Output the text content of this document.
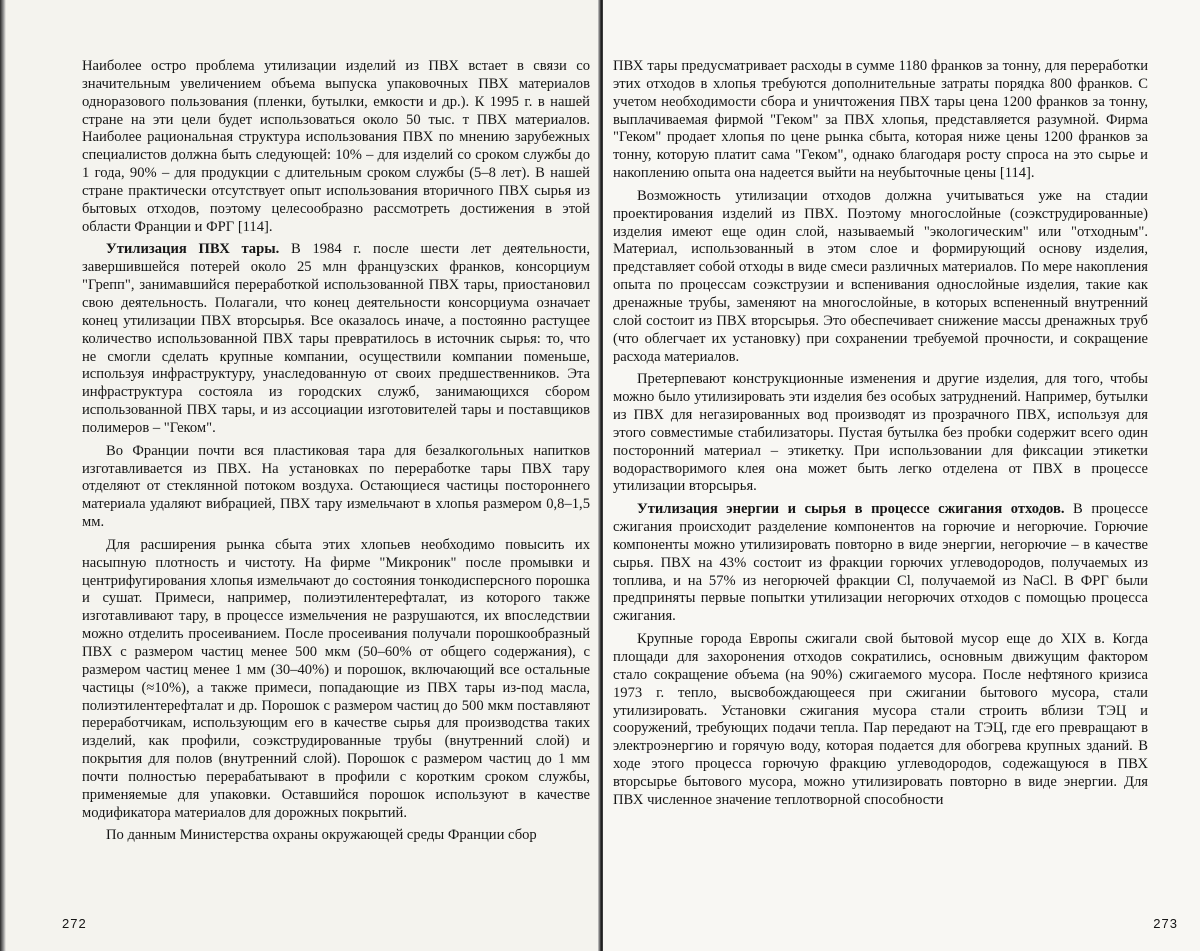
Наиболее остро проблема утилизации изделий из ПВХ встает в связи со значительным увеличением объема выпуска упаковочных ПВХ материалов одноразового пользования (пленки, бутылки, емкости и др.). К 1995 г. в нашей стране на эти цели будет использоваться около 50 тыс. т ПВХ материалов. Наиболее рациональная структура использования ПВХ по мнению зарубежных специалистов должна быть следующей: 10% – для изделий со сроком службы до 1 года, 90% – для продукции с длительным сроком службы (5–8 лет). В нашей стране практически отсутствует опыт использования вторичного ПВХ сырья из бытовых отходов, поэтому целесообразно рассмотреть достижения в этой области Франции и ФРГ [114].

Утилизация ПВХ тары. В 1984 г. после шести лет деятельности, завершившейся потерей около 25 млн французских франков, консорциум "Грепп", занимавшийся переработкой использованной ПВХ тары, приостановил свою деятельность. Полагали, что конец деятельности консорциума означает конец утилизации ПВХ вторсырья. Все оказалось иначе, а постоянно растущее количество использованной ПВХ тары превратилось в источник сырья: то, что не смогли сделать крупные компании, осуществили компании поменьше, используя инфраструктуру, унаследованную от своих предшественников. Эта инфраструктура состояла из городских служб, занимающихся сбором использованной ПВХ тары, и из ассоциации изготовителей тары и поставщиков полимеров – "Геком".

Во Франции почти вся пластиковая тара для безалкогольных напитков изготавливается из ПВХ. На установках по переработке тары ПВХ тару отделяют от стеклянной потоком воздуха. Остающиеся частицы постороннего материала удаляют вибрацией, ПВХ тару измельчают в хлопья размером 0,8–1,5 мм.

Для расширения рынка сбыта этих хлопьев необходимо повысить их насыпную плотность и чистоту. На фирме "Микроник" после промывки и центрифугирования хлопья измельчают до состояния тонкодисперсного порошка и сушат. Примеси, например, полиэтилентерефталат, из которого также изготавливают тару, в процессе измельчения не разрушаются, их впоследствии можно отделить просеиванием. После просеивания получали порошкообразный ПВХ с размером частиц менее 500 мкм (50–60% от общего содержания), с размером частиц менее 1 мм (30–40%) и порошок, включающий все остальные частицы (≈10%), а также примеси, попадающие из ПВХ тары из-под масла, полиэтилентерефталат и др. Порошок с размером частиц до 500 мкм поставляют переработчикам, использующим его в качестве сырья для производства таких изделий, как профили, соэкструдированные трубы (внутренний слой) и покрытия для полов (внутренний слой). Порошок с размером частиц до 1 мм почти полностью перерабатывают в профили с коротким сроком службы, применяемые для упаковки. Оставшийся порошок используют в качестве модификатора материалов для дорожных покрытий.

По данным Министерства охраны окружающей среды Франции сбор

272

ПВХ тары предусматривает расходы в сумме 1180 франков за тонну, для переработки этих отходов в хлопья требуются дополнительные затраты порядка 800 франков. С учетом необходимости сбора и уничтожения ПВХ тары цена 1200 франков за тонну, выплачиваемая фирмой "Геком" за ПВХ хлопья, представляется разумной. Фирма "Геком" продает хлопья по цене рынка сбыта, которая ниже цены 1200 франков за тонну, которую платит сама "Геком", однако благодаря росту спроса на это сырье и накоплению опыта она надеется выйти на неубыточные цены [114].

Возможность утилизации отходов должна учитываться уже на стадии проектирования изделий из ПВХ. Поэтому многослойные (соэкструдированные) изделия имеют еще один слой, называемый "экологическим" или "отходным". Материал, использованный в этом слое и формирующий основу изделия, представляет собой отходы в виде смеси различных материалов. По мере накопления опыта по процессам соэкструзии и вспенивания однослойные изделия, такие как дренажные трубы, заменяют на многослойные, в которых вспененный внутренний слой состоит из ПВХ вторсырья. Это обеспечивает снижение массы дренажных труб (что облегчает их установку) при сохранении требуемой прочности, и сокращение расхода материалов.

Претерпевают конструкционные изменения и другие изделия, для того, чтобы можно было утилизировать эти изделия без особых затруднений. Например, бутылки из ПВХ для негазированных вод производят из прозрачного ПВХ, используя для этого совместимые стабилизаторы. Пустая бутылка без пробки содержит всего один посторонний материал – этикетку. При использовании для фиксации этикетки водорастворимого клея она может быть легко отделена от ПВХ в процессе утилизации вторсырья.

Утилизация энергии и сырья в процессе сжигания отходов. В процессе сжигания происходит разделение компонентов на горючие и негорючие. Горючие компоненты можно утилизировать повторно в виде энергии, негорючие – в качестве сырья. ПВХ на 43% состоит из фракции горючих углеводородов, получаемых из топлива, и на 57% из негорючей фракции Cl, получаемой из NaCl. В ФРГ были предприняты первые попытки утилизации негорючих отходов с помощью процесса сжигания.

Крупные города Европы сжигали свой бытовой мусор еще до XIX в. Когда площади для захоронения отходов сократились, основным движущим фактором стало сокращение объема (на 90%) сжигаемого мусора. После нефтяного кризиса 1973 г. тепло, высвобождающееся при сжигании бытового мусора, стали утилизировать. Установки сжигания мусора стали строить вблизи ТЭЦ и сооружений, требующих подачи тепла. Пар передают на ТЭЦ, где его превращают в электроэнергию и горячую воду, которая подается для обогрева крупных зданий. В ходе этого процесса горючую фракцию углеводородов, содежащуюся в ПВХ вторсырье бытового мусора, можно утилизировать повторно в виде энергии. Для ПВХ численное значение теплотворной способности

273
